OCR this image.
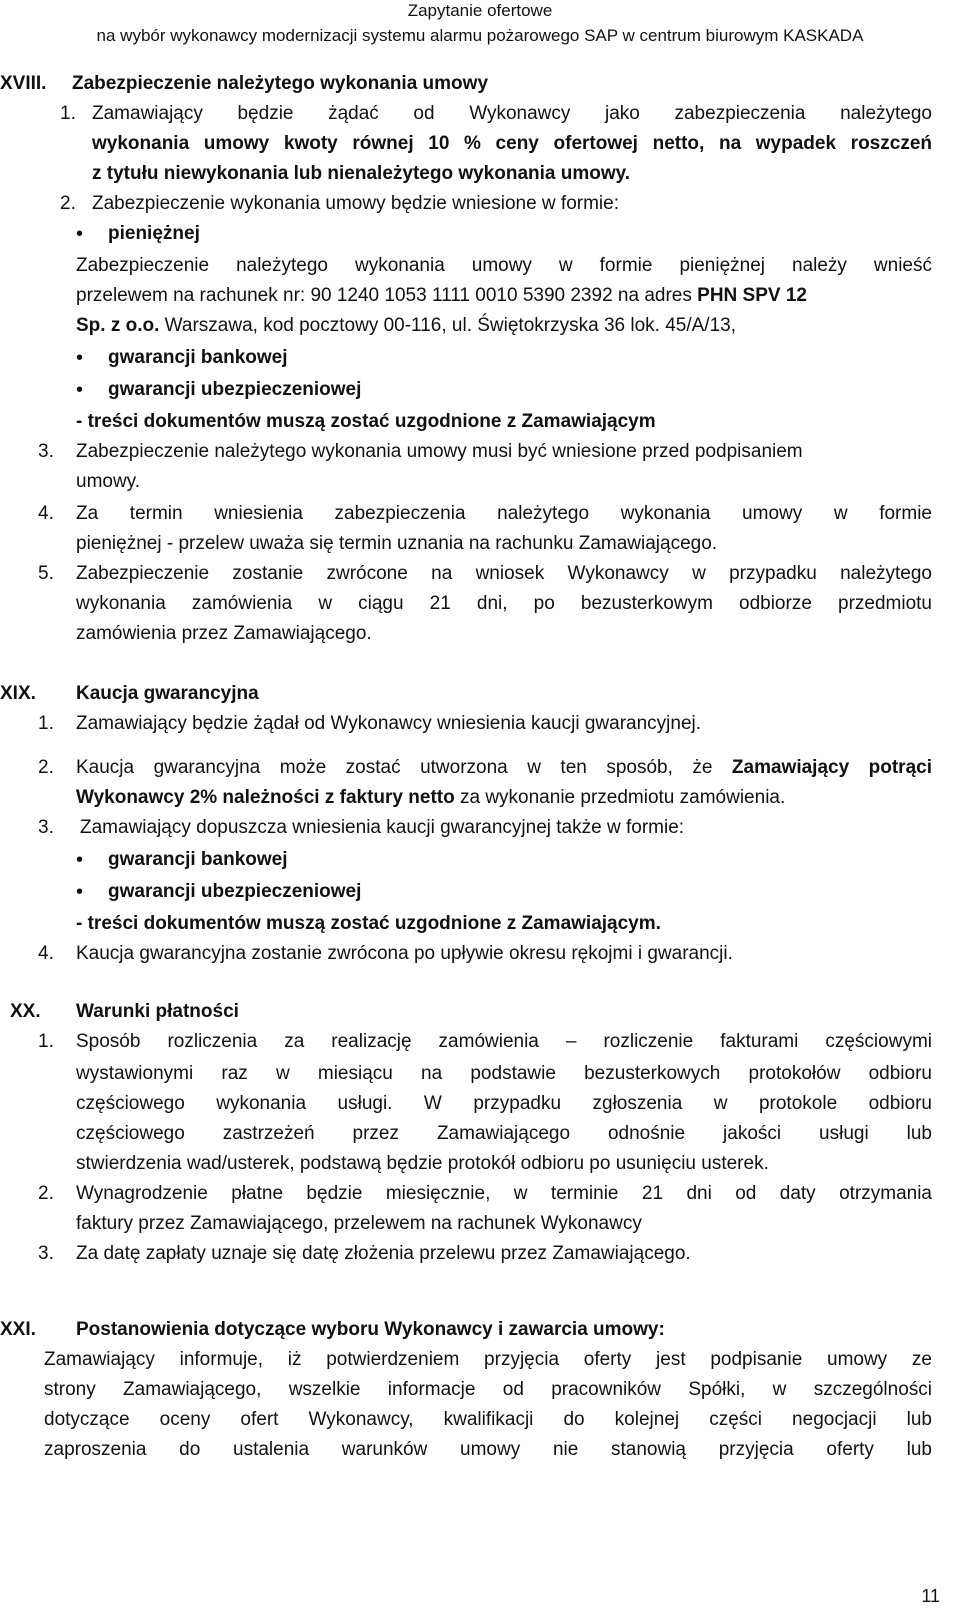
Zapytanie ofertowe
na wybór wykonawcy modernizacji systemu alarmu pożarowego SAP w centrum biurowym KASKADA
XVIII. Zabezpieczenie należytego wykonania umowy
1. Zamawiający będzie żądać od Wykonawcy jako zabezpieczenia należytego
wykonania umowy kwoty równej 10 % ceny ofertowej netto, na wypadek roszczeń
z tytułu niewykonania lub nienależytego wykonania umowy.
2. Zabezpieczenie wykonania umowy będzie wniesione w formie:
• pieniężnej
Zabezpieczenie należytego wykonania umowy w formie pieniężnej należy wnieść
przelewem na rachunek nr: 90 1240 1053 1111 0010 5390 2392 na adres PHN SPV 12
Sp. z o.o. Warszawa, kod pocztowy 00-116, ul. Świętokrzyska 36 lok. 45/A/13,
• gwarancji bankowej
• gwarancji ubezpieczeniowej
- treści dokumentów muszą zostać uzgodnione z Zamawiającym
3. Zabezpieczenie należytego wykonania umowy musi być wniesione przed podpisaniem
umowy.
4. Za termin wniesienia zabezpieczenia należytego wykonania umowy w formie
pieniężnej - przelew uważa się termin uznania na rachunku Zamawiającego.
5. Zabezpieczenie zostanie zwrócone na wniosek Wykonawcy w przypadku należytego
wykonania zamówienia w ciągu 21 dni, po bezusterkowym odbiorze przedmiotu
zamówienia przez Zamawiającego.
XIX. Kaucja gwarancyjna
1. Zamawiający będzie żądał od Wykonawcy wniesienia kaucji gwarancyjnej.
2. Kaucja gwarancyjna może zostać utworzona w ten sposób, że Zamawiający potrąci
Wykonawcy 2% należności z faktury netto za wykonanie przedmiotu zamówienia.
3. Zamawiający dopuszcza wniesienia kaucji gwarancyjnej także w formie:
• gwarancji bankowej
• gwarancji ubezpieczeniowej
- treści dokumentów muszą zostać uzgodnione z Zamawiającym.
4. Kaucja gwarancyjna zostanie zwrócona po upływie okresu rękojmi i gwarancji.
XX. Warunki płatności
1. Sposób rozliczenia za realizację zamówienia – rozliczenie fakturami częściowymi
wystawionymi raz w miesiącu na podstawie bezusterkowych protokołów odbioru
częściowego wykonania usługi. W przypadku zgłoszenia w protokole odbioru
częściowego zastrzeżeń przez Zamawiającego odnośnie jakości usługi lub
stwierdzenia wad/usterek, podstawą będzie protokół odbioru po usunięciu usterek.
2. Wynagrodzenie płatne będzie miesięcznie, w terminie 21 dni od daty otrzymania
faktury przez Zamawiającego, przelewem na rachunek Wykonawcy
3. Za datę zapłaty uznaje się datę złożenia przelewu przez Zamawiającego.
XXI. Postanowienia dotyczące wyboru Wykonawcy i zawarcia umowy:
Zamawiający informuje, iż potwierdzeniem przyjęcia oferty jest podpisanie umowy ze
strony Zamawiającego, wszelkie informacje od pracowników Spółki, w szczególności
dotyczące oceny ofert Wykonawcy, kwalifikacji do kolejnej części negocjacji lub
zaproszenia do ustalenia warunków umowy nie stanowią przyjęcia oferty lub
11
